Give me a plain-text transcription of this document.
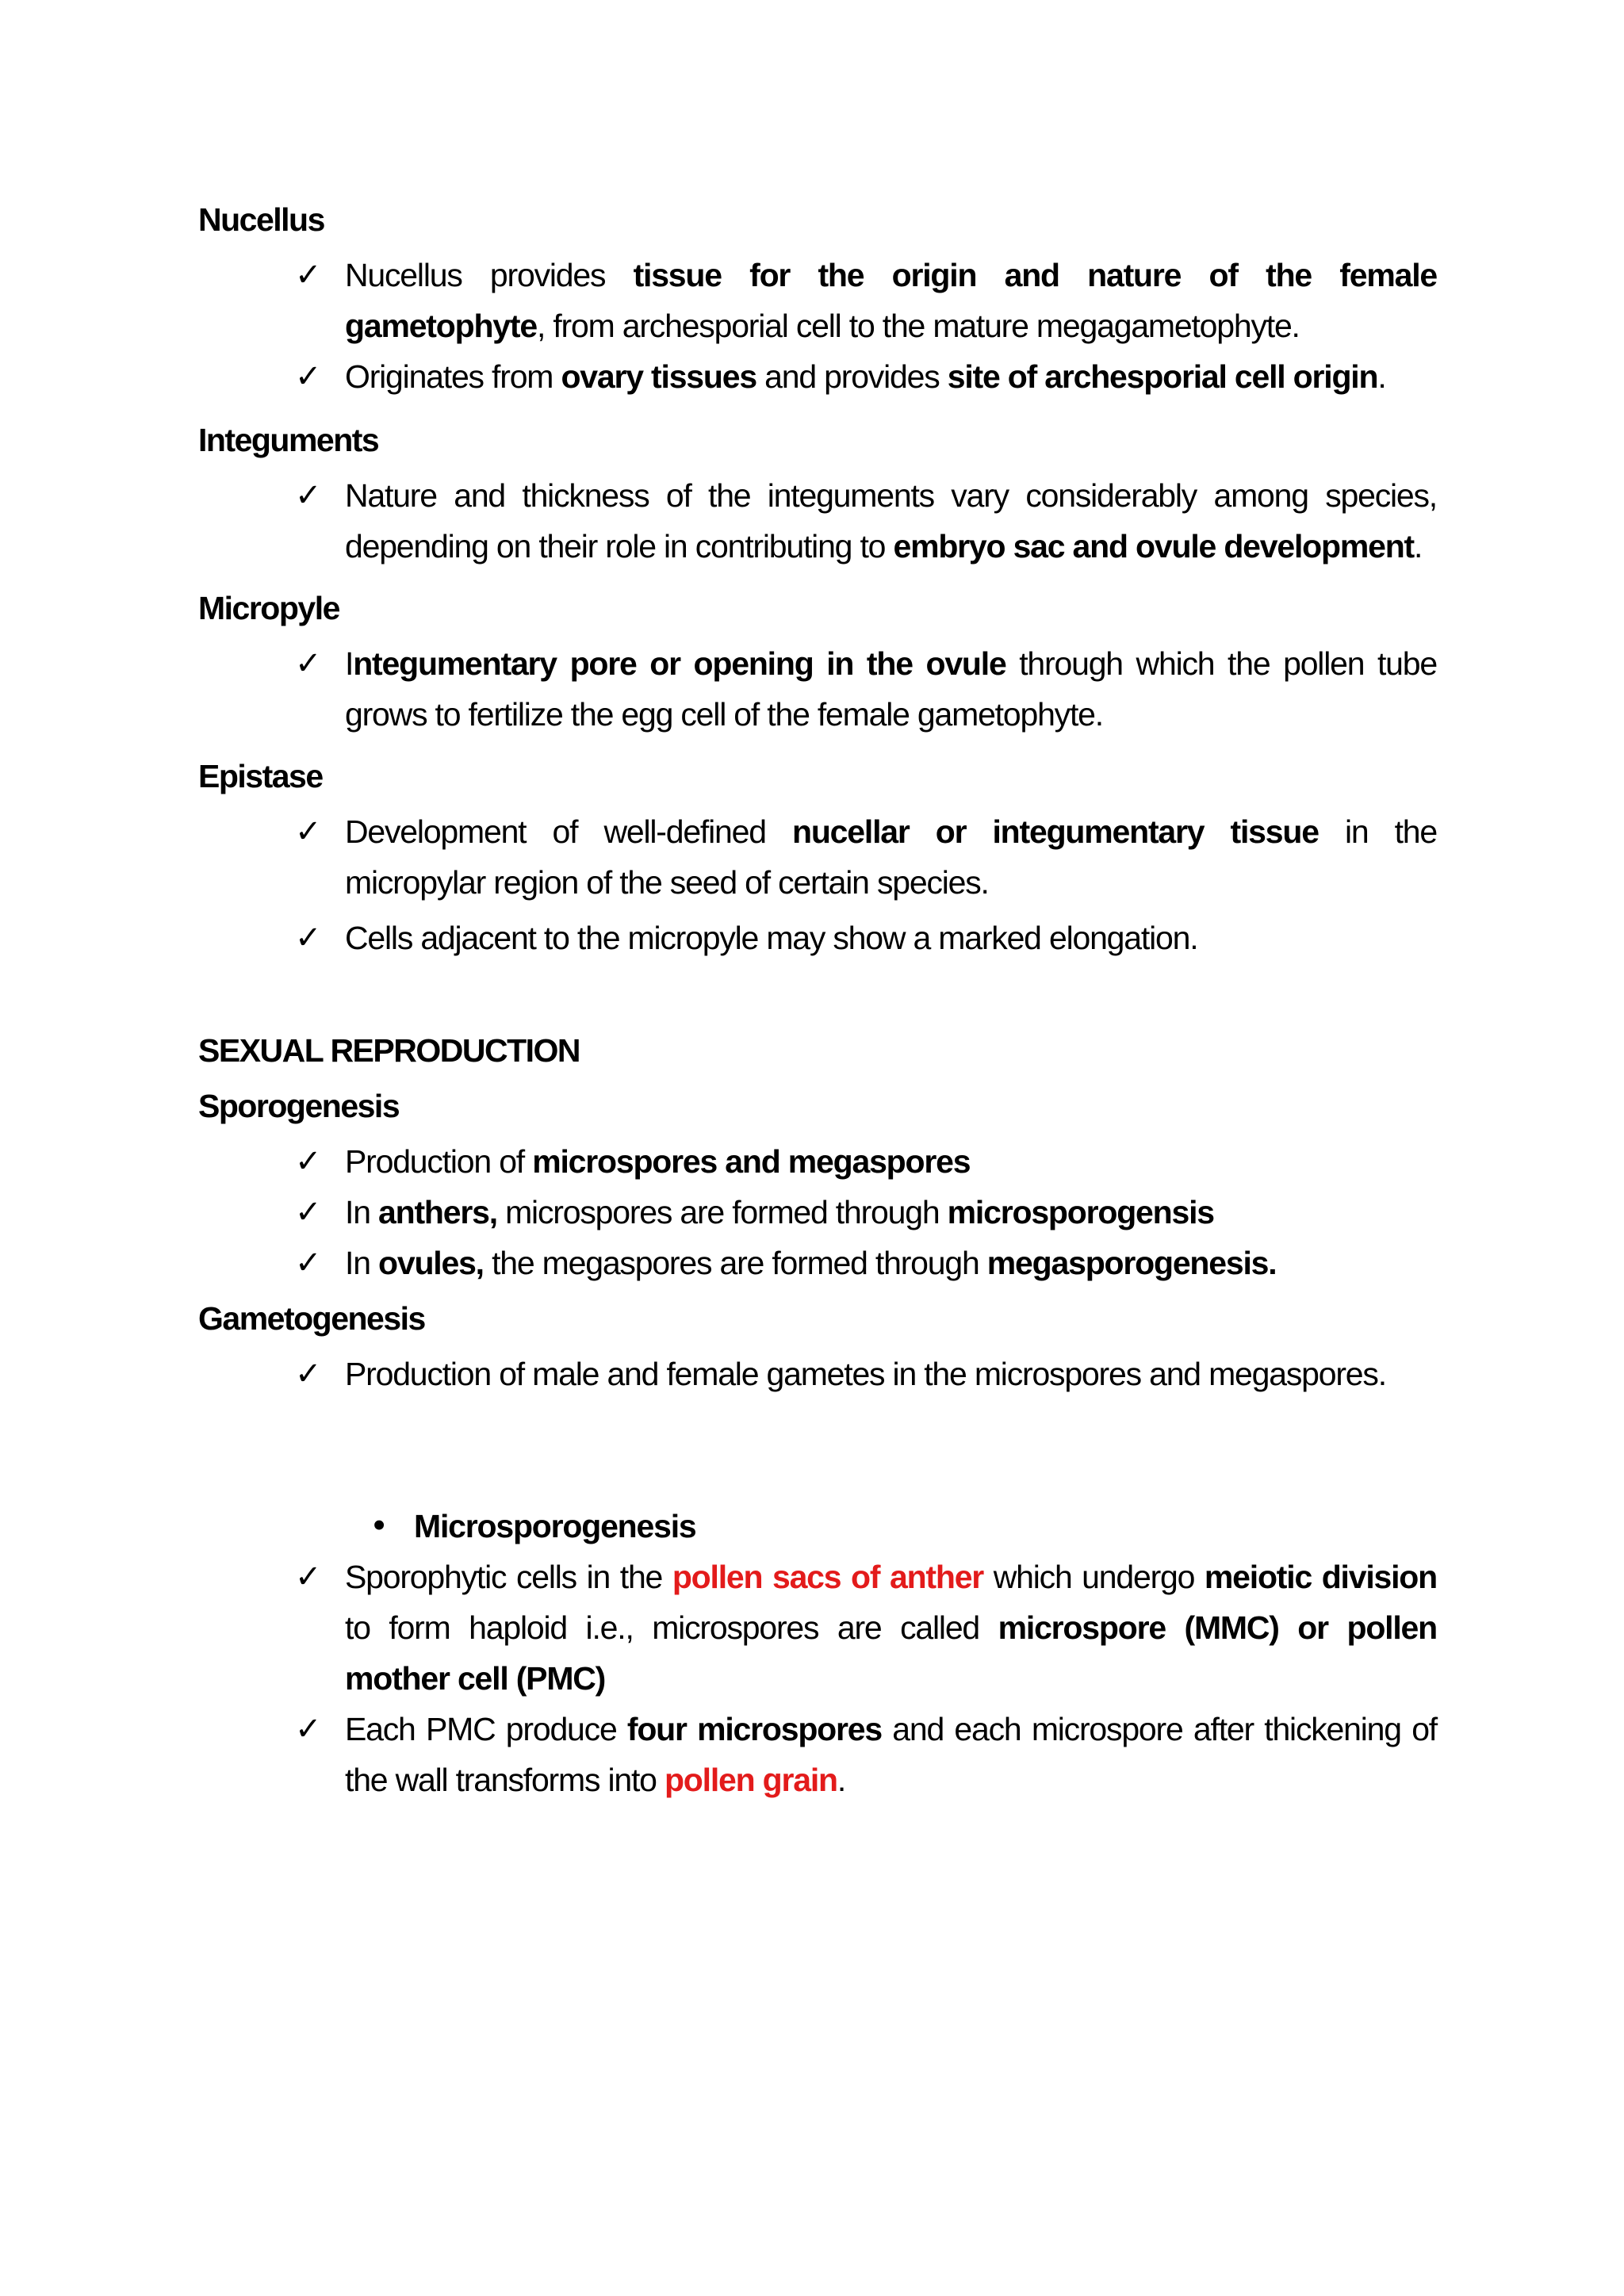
Nucellus
✓ Nucellus provides tissue for the origin and nature of the female gametophyte, from archesporial cell to the mature megagametophyte.
✓ Originates from ovary tissues and provides site of archesporial cell origin.
Integuments
✓ Nature and thickness of the integuments vary considerably among species, depending on their role in contributing to embryo sac and ovule development.
Micropyle
✓ Integumentary pore or opening in the ovule through which the pollen tube grows to fertilize the egg cell of the female gametophyte.
Epistase
✓ Development of well-defined nucellar or integumentary tissue in the micropylar region of the seed of certain species.
✓ Cells adjacent to the micropyle may show a marked elongation.
SEXUAL REPRODUCTION
Sporogenesis
✓ Production of microspores and megaspores
✓ In anthers, microspores are formed through microsporogensis
✓ In ovules, the megaspores are formed through megasporogenesis.
Gametogenesis
✓ Production of male and female gametes in the microspores and megaspores.
• Microsporogenesis
✓ Sporophytic cells in the pollen sacs of anther which undergo meiotic division to form haploid i.e., microspores are called microspore (MMC) or pollen mother cell (PMC)
✓ Each PMC produce four microspores and each microspore after thickening of the wall transforms into pollen grain.
